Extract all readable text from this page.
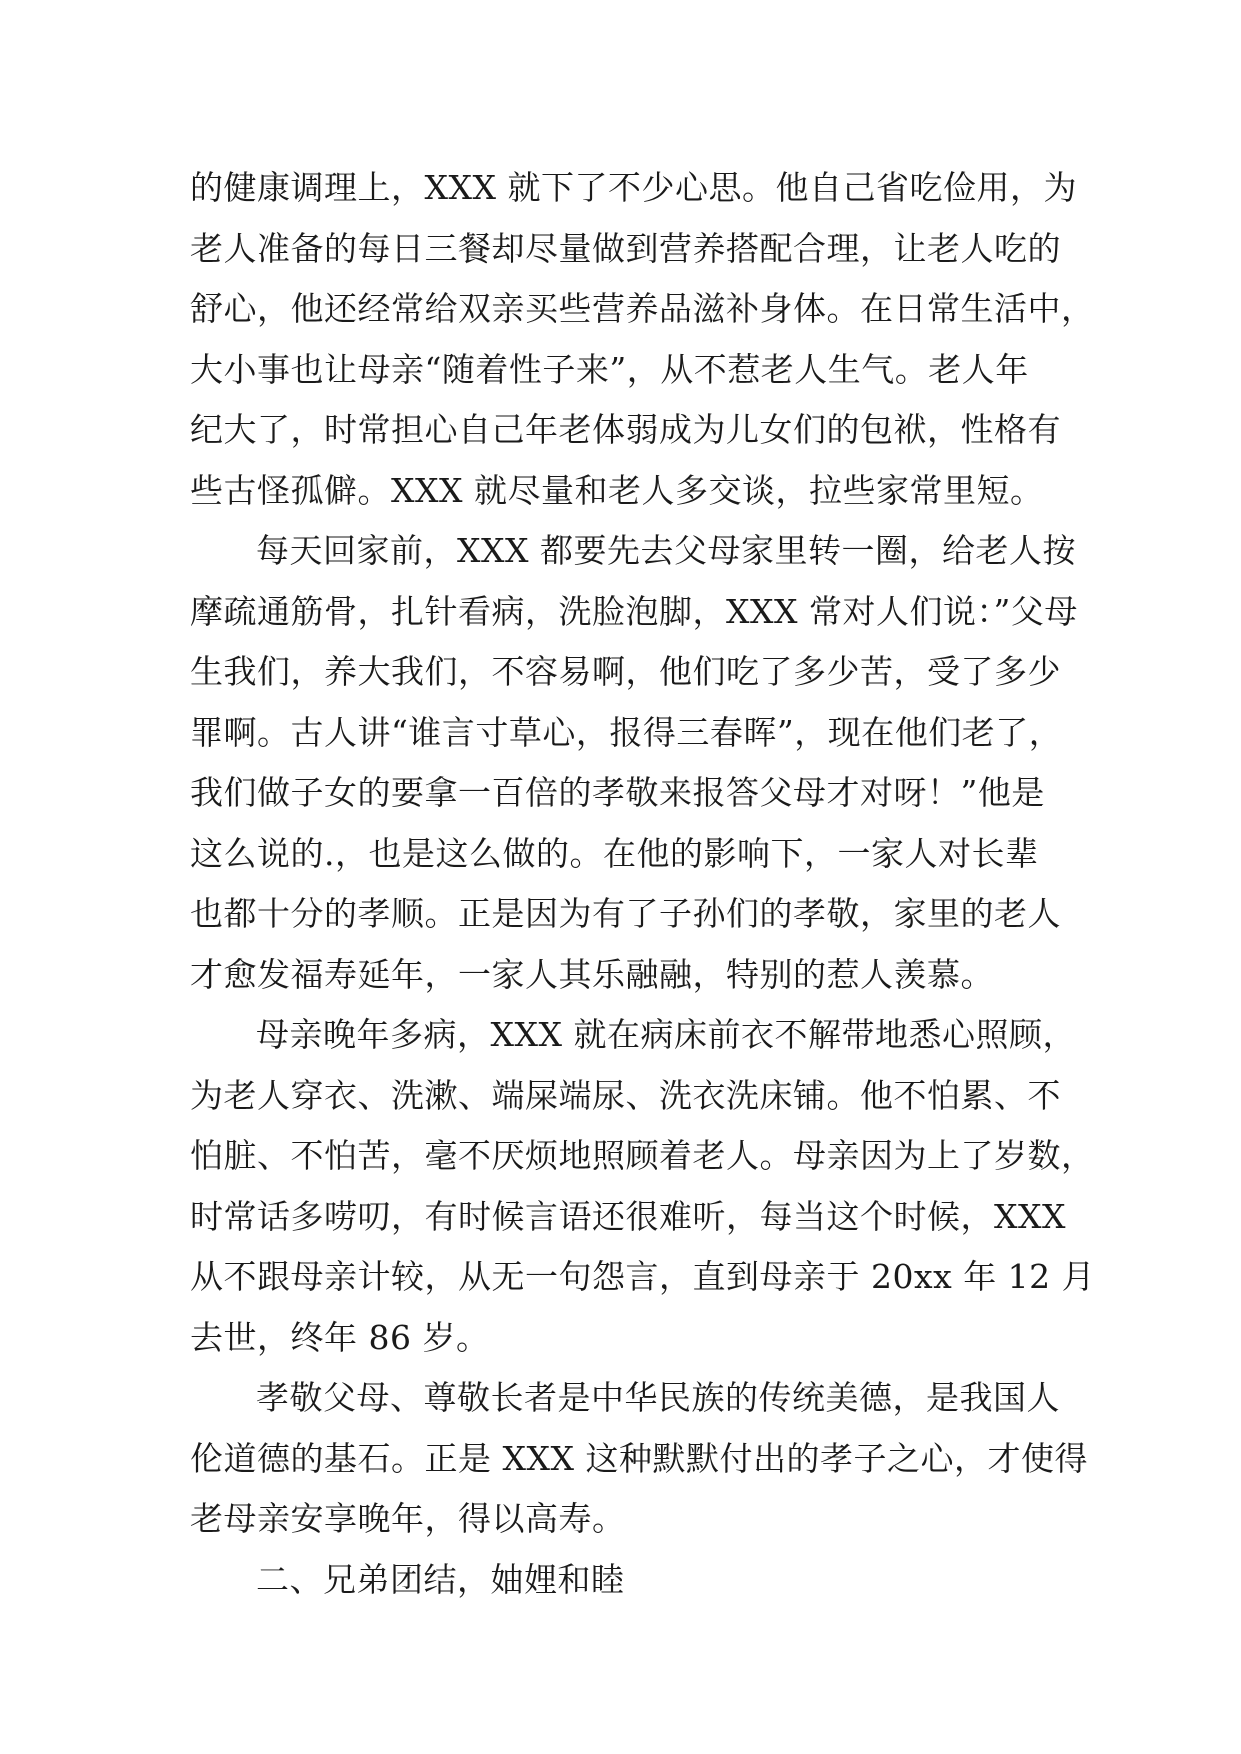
的健康调理上，XXX 就下了不少心思。他自己省吃俭用，为
老人准备的每日三餐却尽量做到营养搭配合理，让老人吃的
舒心，他还经常给双亲买些营养品滋补身体。在日常生活中，
大小事也让母亲“随着性子来”，从不惹老人生气。老人年
纪大了，时常担心自己年老体弱成为儿女们的包袱，性格有
些古怪孤僻。XXX 就尽量和老人多交谈，拉些家常里短。
每天回家前，XXX 都要先去父母家里转一圈，给老人按
摩疏通筋骨，扎针看病，洗脸泡脚，XXX 常对人们说：”父母
生我们，养大我们，不容易啊，他们吃了多少苦，受了多少
罪啊。古人讲“谁言寸草心，报得三春晖”，现在他们老了，
我们做子女的要拿一百倍的孝敬来报答父母才对呀！”他是
这么说的.，也是这么做的。在他的影响下，一家人对长辈
也都十分的孝顺。正是因为有了子孙们的孝敬，家里的老人
才愈发福寿延年，一家人其乐融融，特别的惹人羡慕。
母亲晚年多病，XXX 就在病床前衣不解带地悉心照顾，
为老人穿衣、洗漱、端屎端尿、洗衣洗床铺。他不怕累、不
怕脏、不怕苦，毫不厌烦地照顾着老人。母亲因为上了岁数，
时常话多唠叨，有时候言语还很难听，每当这个时候，XXX
从不跟母亲计较，从无一句怨言，直到母亲于 20xx 年 12 月
去世，终年 86 岁。
孝敬父母、尊敬长者是中华民族的传统美德，是我国人
伦道德的基石。正是 XXX 这种默默付出的孝子之心，才使得
老母亲安享晚年，得以高寿。
二、兄弟团结，妯娌和睦
